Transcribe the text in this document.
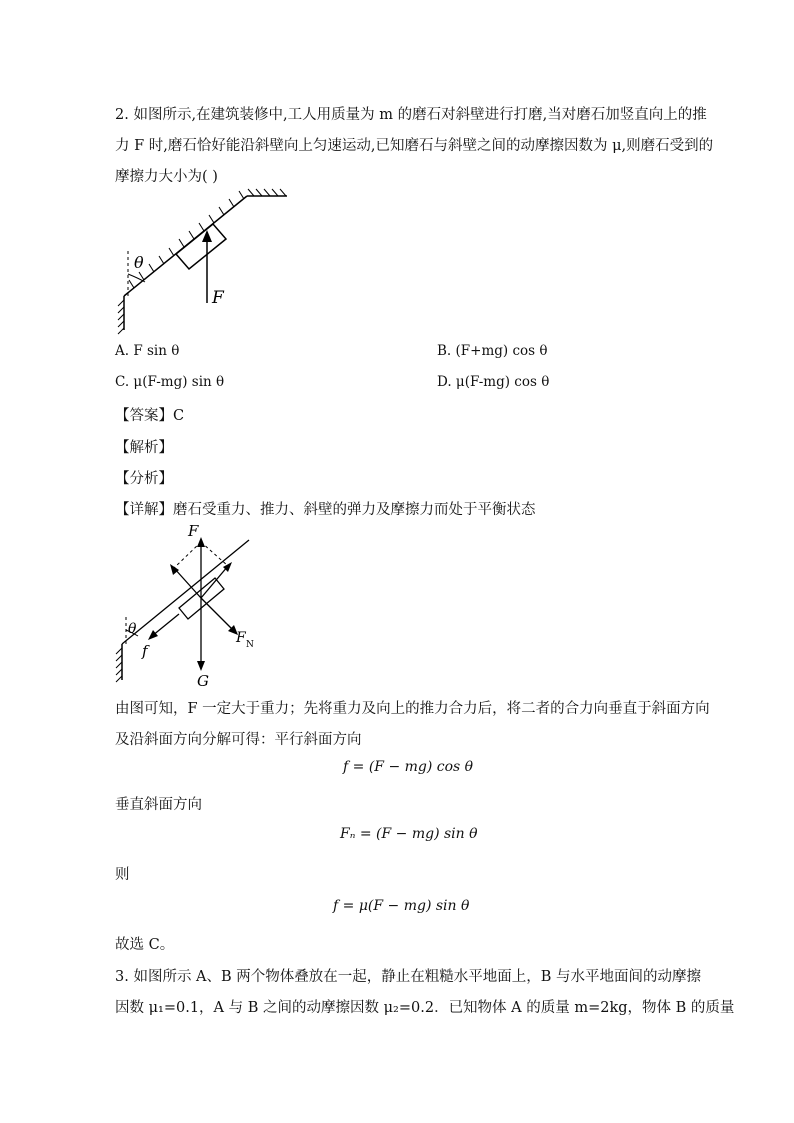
2. 如图所示,在建筑装修中,工人用质量为 m 的磨石对斜壁进行打磨,当对磨石加竖直向上的推
力 F 时,磨石恰好能沿斜壁向上匀速运动,已知磨石与斜壁之间的动摩擦因数为 μ,则磨石受到的
摩擦力大小为( )
θ
F
A. F sin θ	B. (F+mg) cos θ
C. μ(F-mg) sin θ	D. μ(F-mg) cos θ
【答案】C
【解析】
【分析】
【详解】磨石受重力、推力、斜壁的弹力及摩擦力而处于平衡状态
θ
F
G
F N
f
由图可知，F 一定大于重力；先将重力及向上的推力合力后，将二者的合力向垂直于斜面方向
及沿斜面方向分解可得：平行斜面方向
f = (F − mg) cos θ
垂直斜面方向
Fₙ = (F − mg) sin θ
则
f = μ(F − mg) sin θ
故选 C。
3. 如图所示 A、B 两个物体叠放在一起，静止在粗糙水平地面上，B 与水平地面间的动摩擦
因数 μ₁=0.1，A 与 B 之间的动摩擦因数 μ₂=0.2．已知物体 A 的质量 m=2kg，物体 B 的质量
